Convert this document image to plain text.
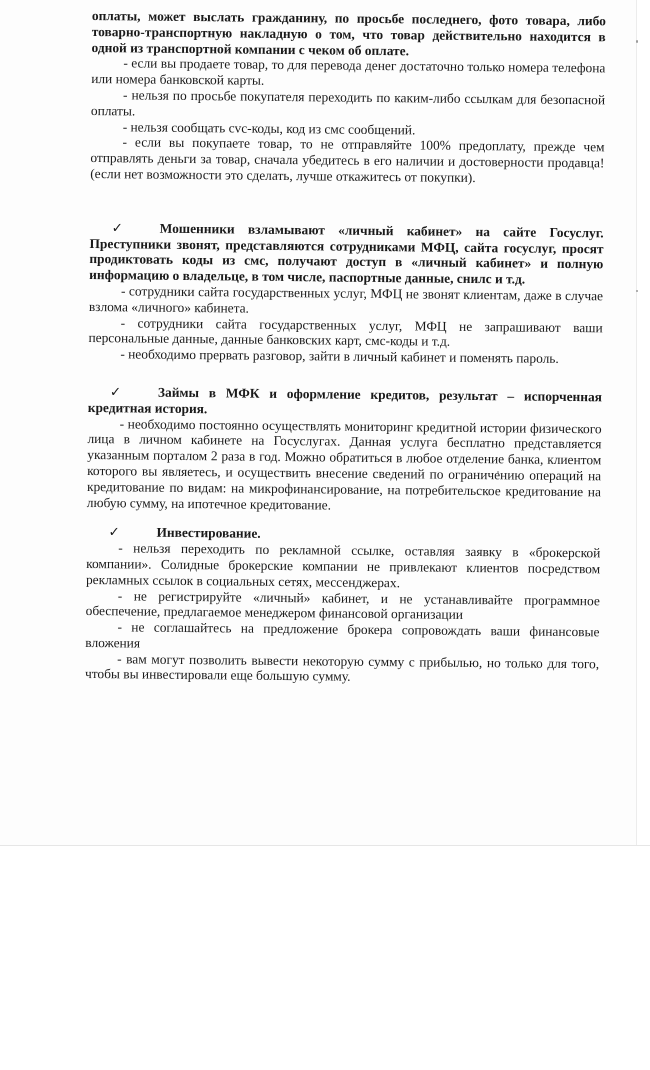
оплаты, может выслать гражданину, по просьбе последнего, фото товара, либо товарно-транспортную накладную о том, что товар действительно находится в одной из транспортной компании с чеком об оплате.

- если вы продаете товар, то для перевода денег достаточно только номера телефона или номера банковской карты.

- нельзя по просьбе покупателя переходить по каким-либо ссылкам для безопасной оплаты.

- нельзя сообщать cvc-коды, код из смс сообщений.

- если вы покупаете товар, то не отправляйте 100% предоплату, прежде чем отправлять деньги за товар, сначала убедитесь в его наличии и достоверности продавца! (если нет возможности это сделать, лучше откажитесь от покупки).

✓	Мошенники взламывают «личный кабинет» на сайте Госуслуг. Преступники звонят, представляются сотрудниками МФЦ, сайта госуслуг, просят продиктовать коды из смс, получают доступ в «личный кабинет» и полную информацию о владельце, в том числе, паспортные данные, снилс и т.д.

- сотрудники сайта государственных услуг, МФЦ не звонят клиентам, даже в случае взлома «личного» кабинета.

- сотрудники сайта государственных услуг, МФЦ не запрашивают ваши персональные данные, данные банковских карт, смс-коды и т.д.

- необходимо прервать разговор, зайти в личный кабинет и поменять пароль.

✓	Займы в МФК и оформление кредитов, результат – испорченная кредитная история.

- необходимо постоянно осуществлять мониторинг кредитной истории физического лица в личном кабинете на Госуслугах. Данная услуга бесплатно представляется указанным порталом 2 раза в год. Можно обратиться в любое отделение банка, клиентом которого вы являетесь, и осуществить внесение сведений по ограничению операций на кредитование по видам: на микрофинансирование, на потребительское кредитование на любую сумму, на ипотечное кредитование.

✓	Инвестирование.

- нельзя переходить по рекламной ссылке, оставляя заявку в «брокерской компании». Солидные брокерские компании не привлекают клиентов посредством рекламных ссылок в социальных сетях, мессенджерах.

- не регистрируйте «личный» кабинет, и не устанавливайте программное обеспечение, предлагаемое менеджером финансовой организации

- не соглашайтесь на предложение брокера сопровождать ваши финансовые вложения

- вам могут позволить вывести некоторую сумму с прибылью, но только для того, чтобы вы инвестировали еще большую сумму.
